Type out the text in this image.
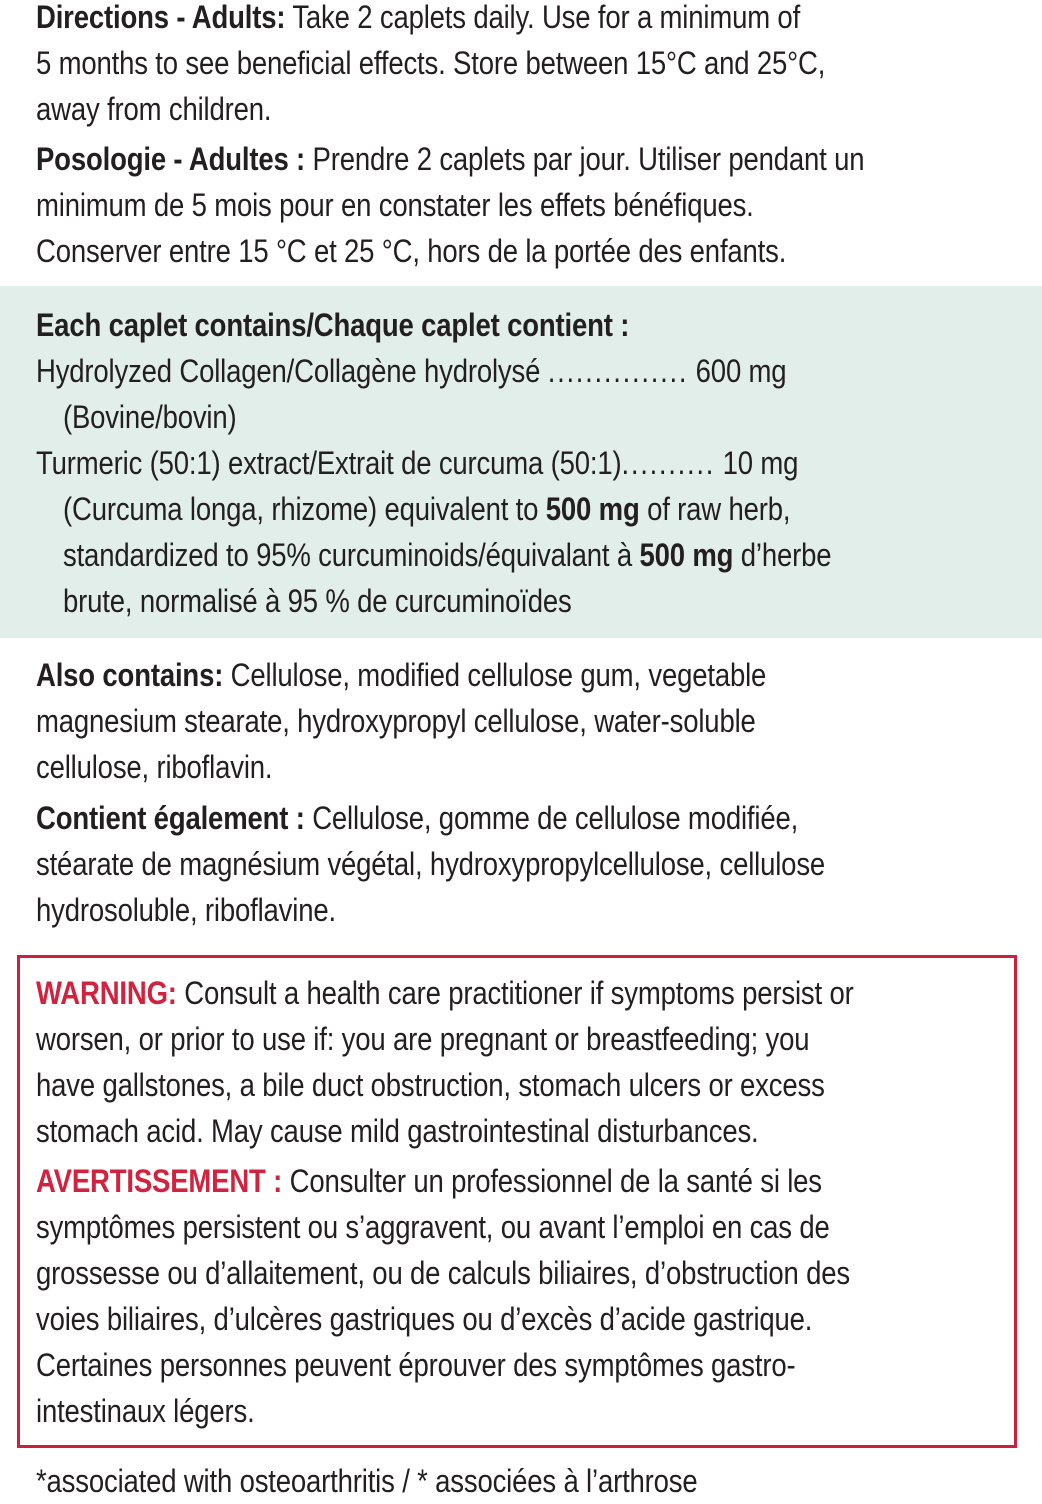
Directions - Adults: Take 2 caplets daily. Use for a minimum of
5 months to see beneficial effects. Store between 15°C and 25°C,
away from children.
Posologie - Adultes : Prendre 2 caplets par jour. Utiliser pendant un
minimum de 5 mois pour en constater les effets bénéfiques.
Conserver entre 15 °C et 25 °C, hors de la portée des enfants.
Each caplet contains/Chaque caplet contient :
Hydrolyzed Collagen/Collagène hydrolysé ............... 600 mg
(Bovine/bovin)
Turmeric (50:1) extract/Extrait de curcuma (50:1).......... 10 mg
(Curcuma longa, rhizome) equivalent to 500 mg of raw herb,
standardized to 95% curcuminoids/équivalant à 500 mg d’herbe
brute, normalisé à 95 % de curcuminoïdes
Also contains: Cellulose, modified cellulose gum, vegetable
magnesium stearate, hydroxypropyl cellulose, water-soluble
cellulose, riboflavin.
Contient également : Cellulose, gomme de cellulose modifiée,
stéarate de magnésium végétal, hydroxypropylcellulose, cellulose
hydrosoluble, riboflavine.
WARNING: Consult a health care practitioner if symptoms persist or
worsen, or prior to use if: you are pregnant or breastfeeding; you
have gallstones, a bile duct obstruction, stomach ulcers or excess
stomach acid. May cause mild gastrointestinal disturbances.
AVERTISSEMENT : Consulter un professionnel de la santé si les
symptômes persistent ou s’aggravent, ou avant l’emploi en cas de
grossesse ou d’allaitement, ou de calculs biliaires, d’obstruction des
voies biliaires, d’ulcères gastriques ou d’excès d’acide gastrique.
Certaines personnes peuvent éprouver des symptômes gastro-
intestinaux légers.
*associated with osteoarthritis / * associées à l’arthrose
